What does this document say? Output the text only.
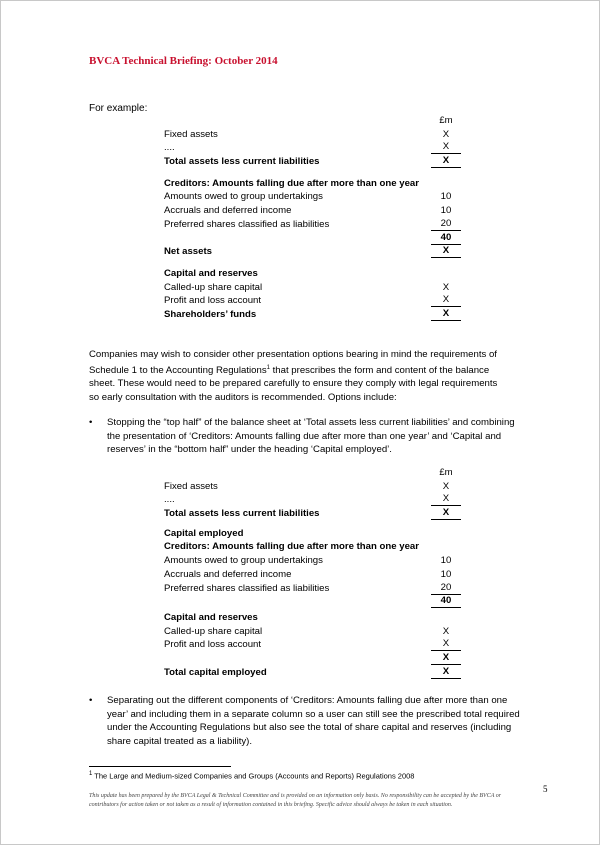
BVCA Technical Briefing: October 2014
For example:
£m
Fixed assets	X
....	X
Total assets less current liabilities	X
Creditors: Amounts falling due after more than one year
Amounts owed to group undertakings	10
Accruals and deferred income	10
Preferred shares classified as liabilities	20
40
Net assets	X
Capital and reserves
Called-up share capital	X
Profit and loss account	X
Shareholders’ funds	X
Companies may wish to consider other presentation options bearing in mind the requirements of
Schedule 1 to the Accounting Regulations$^1$ that prescribes the form and content of the balance
sheet. These would need to be prepared carefully to ensure they comply with legal requirements
so early consultation with the auditors is recommended. Options include:
• Stopping the “top half” of the balance sheet at ‘Total assets less current liabilities’ and combining the presentation of ‘Creditors: Amounts falling due after more than one year’ and ‘Capital and reserves’ in the “bottom half” under the heading ‘Capital employed’.
£m
Fixed assets	X
....	X
Total assets less current liabilities	X
Capital employed
Creditors: Amounts falling due after more than one year
Amounts owed to group undertakings	10
Accruals and deferred income	10
Preferred shares classified as liabilities	20
40
Capital and reserves
Called-up share capital	X
Profit and loss account	X
X
Total capital employed	X
• Separating out the different components of ‘Creditors: Amounts falling due after more than one year’ and including them in a separate column so a user can still see the prescribed total required under the Accounting Regulations but also see the total of share capital and reserves (including share capital treated as a liability).
$^1$ The Large and Medium-sized Companies and Groups (Accounts and Reports) Regulations 2008
5
This update has been prepared by the BVCA Legal & Technical Committee and is provided on an information only basis. No responsibility can be accepted by the BVCA or contributors for action taken or not taken as a result of information contained in this briefing. Specific advice should always be taken in each situation.
